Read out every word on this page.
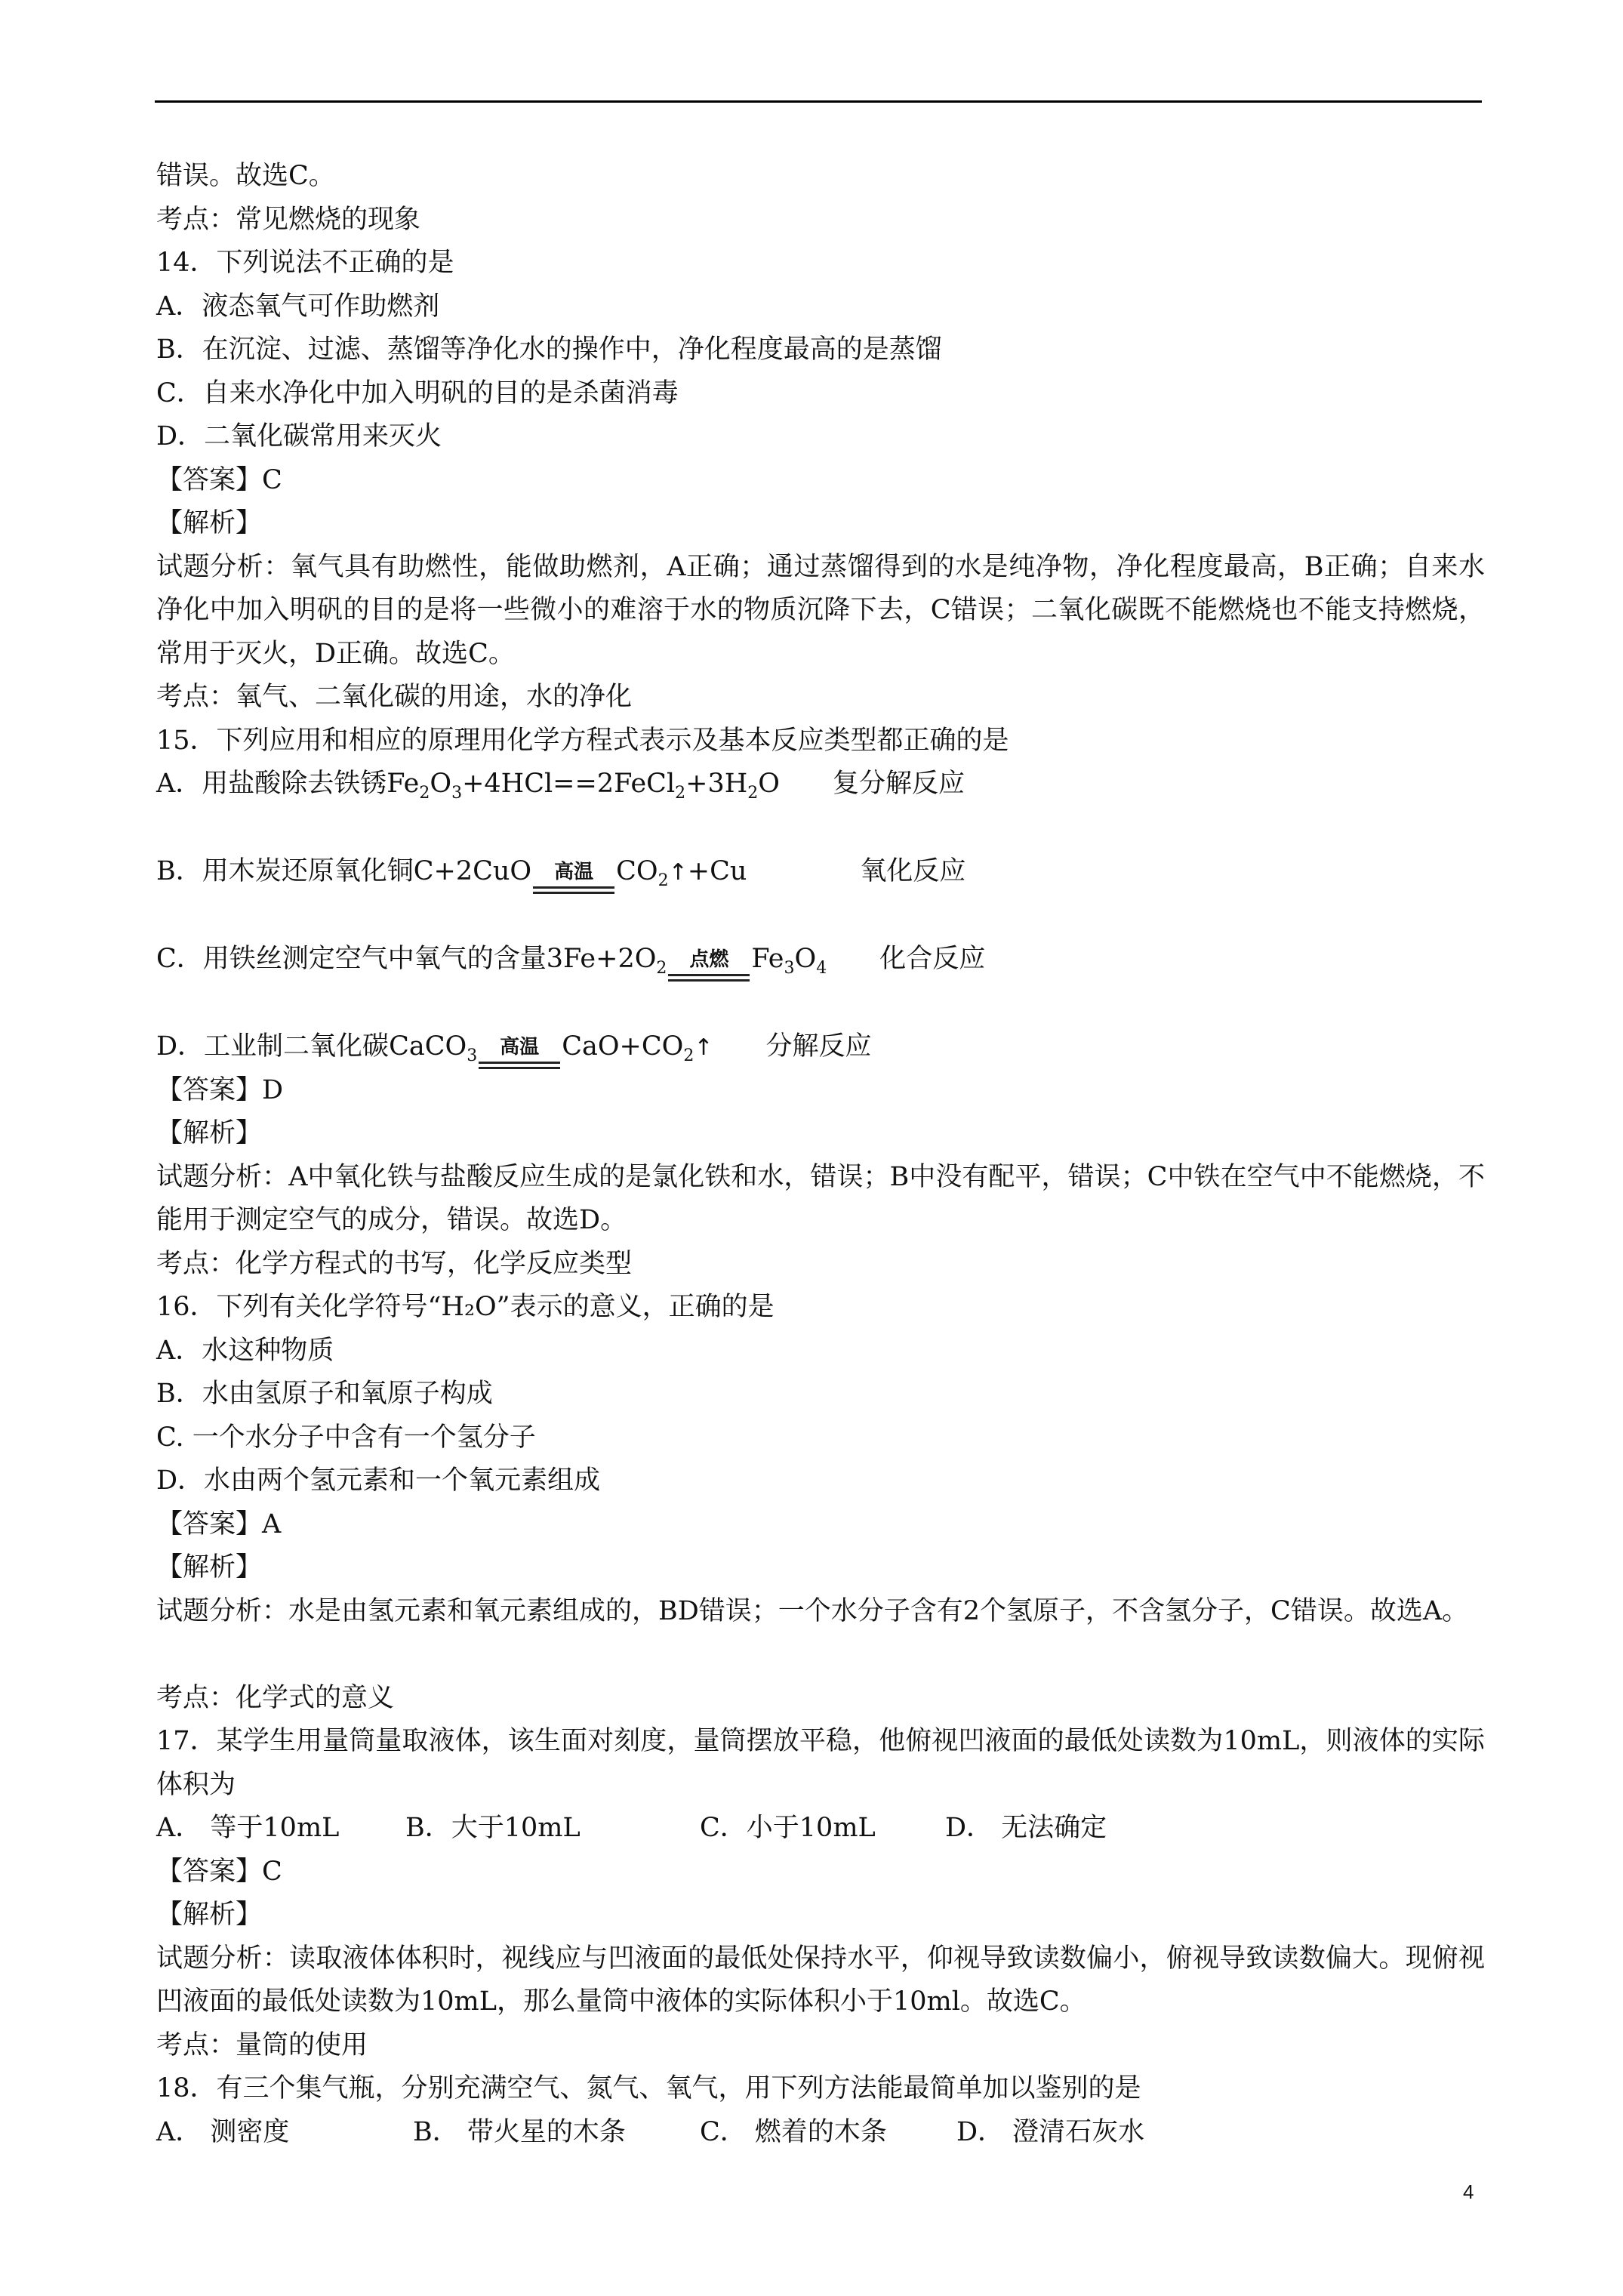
错误。故选C。
考点：常见燃烧的现象
14．下列说法不正确的是
A．液态氧气可作助燃剂
B．在沉淀、过滤、蒸馏等净化水的操作中，净化程度最高的是蒸馏
C．自来水净化中加入明矾的目的是杀菌消毒
D．二氧化碳常用来灭火
【答案】C
【解析】
试题分析：氧气具有助燃性，能做助燃剂，A正确；通过蒸馏得到的水是纯净物，净化程度最高，B正确；自来水净化中加入明矾的目的是将一些微小的难溶于水的物质沉降下去，C错误；二氧化碳既不能燃烧也不能支持燃烧，常用于灭火，D正确。故选C。
考点：氧气、二氧化碳的用途，水的净化
15．下列应用和相应的原理用化学方程式表示及基本反应类型都正确的是
A．用盐酸除去铁锈$Fe_2O_3+4HCl==2FeCl_2+3H_2O$ 复分解反应
B．用木炭还原氧化铜 C+2CuO 高温 $CO_2↑+Cu$	氧化反应
C．用铁丝测定空气中氧气的含量 $3Fe+2O_2$ 点燃 $Fe_3O_4$ 化合反应
D．工业制二氧化碳 CaCO$_3$ 高温 $CaO+CO_2↑$ 分解反应
【答案】D
【解析】
试题分析：A中氧化铁与盐酸反应生成的是氯化铁和水，错误；B中没有配平，错误；C中铁在空气中不能燃烧，不能用于测定空气的成分，错误。故选D。
考点：化学方程式的书写，化学反应类型
16．下列有关化学符号“H₂O”表示的意义，正确的是
A．水这种物质
B．水由氢原子和氧原子构成
C. 一个水分子中含有一个氢分子
D．水由两个氢元素和一个氧元素组成
【答案】A
【解析】
试题分析：水是由氢元素和氧元素组成的，BD错误；一个水分子含有2个氢原子，不含氢分子，C错误。故选A。
考点：化学式的意义
17．某学生用量筒量取液体，该生面对刻度，量筒摆放平稳，他俯视凹液面的最低处读数为10mL，则液体的实际体积为
A． 等于10mL	B．大于10mL	C．小于10mL	D． 无法确定
【答案】C
【解析】
试题分析：读取液体体积时，视线应与凹液面的最低处保持水平，仰视导致读数偏小，俯视导致读数偏大。现俯视凹液面的最低处读数为10mL，那么量筒中液体的实际体积小于10ml。故选C。
考点：量筒的使用
18．有三个集气瓶，分别充满空气、氮气、氧气，用下列方法能最简单加以鉴别的是
A． 测密度	B． 带火星的木条	C． 燃着的木条	D． 澄清石灰水
4
